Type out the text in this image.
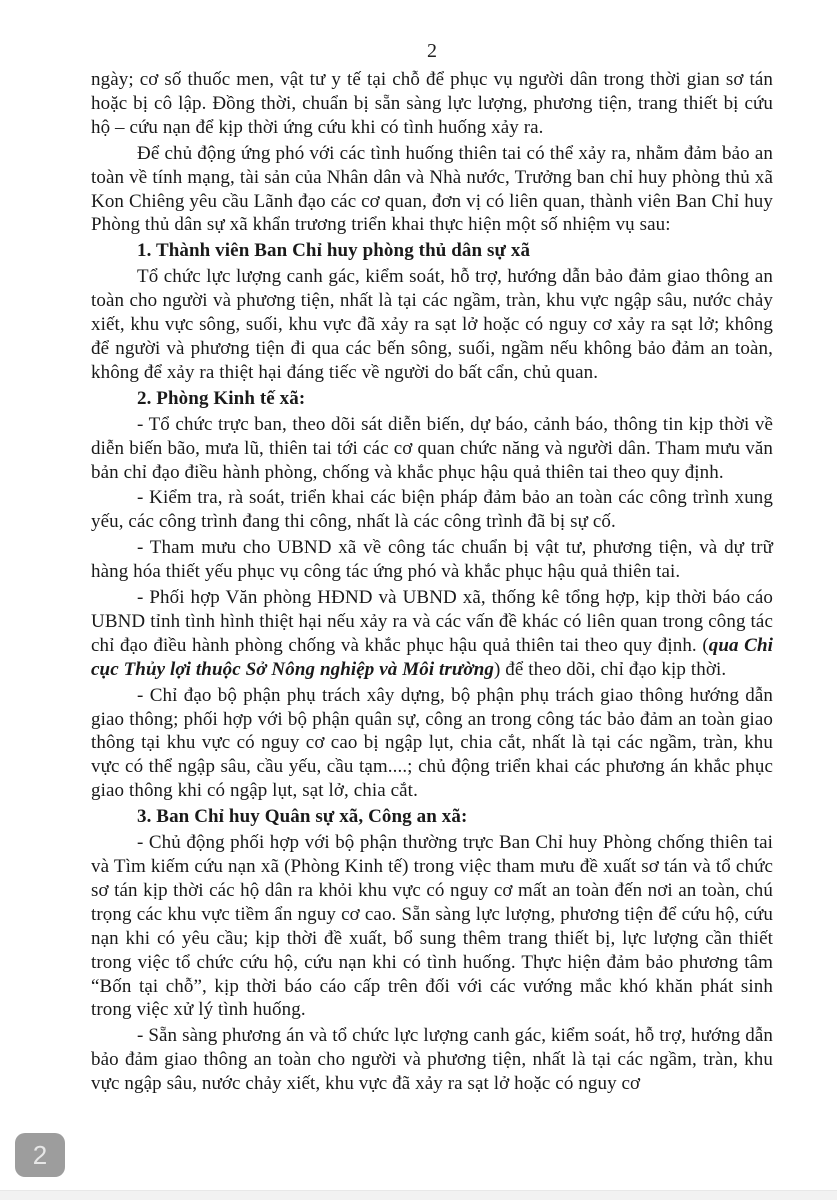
2

ngày; cơ số thuốc men, vật tư y tế tại chỗ để phục vụ người dân trong thời gian sơ tán hoặc bị cô lập. Đồng thời, chuẩn bị sẵn sàng lực lượng, phương tiện, trang thiết bị cứu hộ – cứu nạn để kịp thời ứng cứu khi có tình huống xảy ra.

Để chủ động ứng phó với các tình huống thiên tai có thể xảy ra, nhằm đảm bảo an toàn về tính mạng, tài sản của Nhân dân và Nhà nước, Trưởng ban chỉ huy phòng thủ xã Kon Chiêng yêu cầu Lãnh đạo các cơ quan, đơn vị có liên quan, thành viên Ban Chỉ huy Phòng thủ dân sự xã khẩn trương triển khai thực hiện một số nhiệm vụ sau:

1. Thành viên Ban Chỉ huy phòng thủ dân sự xã

Tổ chức lực lượng canh gác, kiểm soát, hỗ trợ, hướng dẫn bảo đảm giao thông an toàn cho người và phương tiện, nhất là tại các ngầm, tràn, khu vực ngập sâu, nước chảy xiết, khu vực sông, suối, khu vực đã xảy ra sạt lở hoặc có nguy cơ xảy ra sạt lở; không để người và phương tiện đi qua các bến sông, suối, ngầm nếu không bảo đảm an toàn, không để xảy ra thiệt hại đáng tiếc về người do bất cẩn, chủ quan.

2. Phòng Kinh tế xã:

- Tổ chức trực ban, theo dõi sát diễn biến, dự báo, cảnh báo, thông tin kịp thời về diễn biến bão, mưa lũ, thiên tai tới các cơ quan chức năng và người dân. Tham mưu văn bản chỉ đạo điều hành phòng, chống và khắc phục hậu quả thiên tai theo quy định.

- Kiểm tra, rà soát, triển khai các biện pháp đảm bảo an toàn các công trình xung yếu, các công trình đang thi công, nhất là các công trình đã bị sự cố.

- Tham mưu cho UBND xã về công tác chuẩn bị vật tư, phương tiện, và dự trữ hàng hóa thiết yếu phục vụ công tác ứng phó và khắc phục hậu quả thiên tai.

- Phối hợp Văn phòng HĐND và UBND xã, thống kê tổng hợp, kịp thời báo cáo UBND tỉnh tình hình thiệt hại nếu xảy ra và các vấn đề khác có liên quan trong công tác chỉ đạo điều hành phòng chống và khắc phục hậu quả thiên tai theo quy định. (qua Chi cục Thủy lợi thuộc Sở Nông nghiệp và Môi trường) để theo dõi, chỉ đạo kịp thời.

- Chỉ đạo bộ phận phụ trách xây dựng, bộ phận phụ trách giao thông hướng dẫn giao thông; phối hợp với bộ phận quân sự, công an trong công tác bảo đảm an toàn giao thông tại khu vực có nguy cơ cao bị ngập lụt, chia cắt, nhất là tại các ngầm, tràn, khu vực có thể ngập sâu, cầu yếu, cầu tạm....; chủ động triển khai các phương án khắc phục giao thông khi có ngập lụt, sạt lở, chia cắt.

3. Ban Chỉ huy Quân sự xã, Công an xã:

- Chủ động phối hợp với bộ phận thường trực Ban Chỉ huy Phòng chống thiên tai và Tìm kiếm cứu nạn xã (Phòng Kinh tế) trong việc tham mưu đề xuất sơ tán và tổ chức sơ tán kịp thời các hộ dân ra khỏi khu vực có nguy cơ mất an toàn đến nơi an toàn, chú trọng các khu vực tiềm ẩn nguy cơ cao. Sẵn sàng lực lượng, phương tiện để cứu hộ, cứu nạn khi có yêu cầu; kịp thời đề xuất, bổ sung thêm trang thiết bị, lực lượng cần thiết trong việc tổ chức cứu hộ, cứu nạn khi có tình huống. Thực hiện đảm bảo phương tâm “Bốn tại chỗ”, kịp thời báo cáo cấp trên đối với các vướng mắc khó khăn phát sinh trong việc xử lý tình huống.

- Sẵn sàng phương án và tổ chức lực lượng canh gác, kiểm soát, hỗ trợ, hướng dẫn bảo đảm giao thông an toàn cho người và phương tiện, nhất là tại các ngầm, tràn, khu vực ngập sâu, nước chảy xiết, khu vực đã xảy ra sạt lở hoặc có nguy cơ

2
